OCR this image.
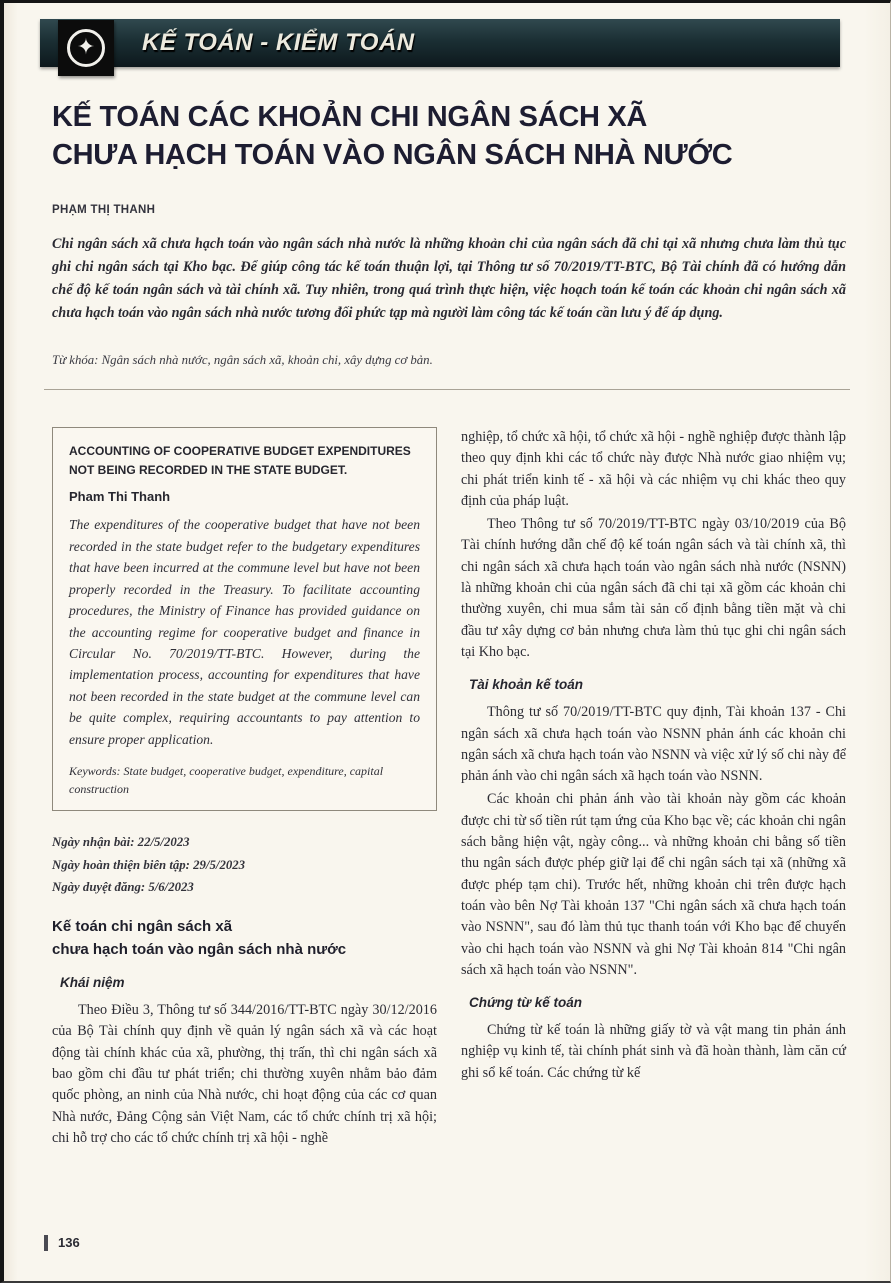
✦ KẾ TOÁN - KIỂM TOÁN
KẾ TOÁN CÁC KHOẢN CHI NGÂN SÁCH XÃ
CHƯA HẠCH TOÁN VÀO NGÂN SÁCH NHÀ NƯỚC
PHẠM THỊ THANH

Chi ngân sách xã chưa hạch toán vào ngân sách nhà nước là những khoản chi của ngân sách đã chi tại xã nhưng chưa làm thủ tục ghi chi ngân sách tại Kho bạc. Để giúp công tác kế toán thuận lợi, tại Thông tư số 70/2019/TT-BTC, Bộ Tài chính đã có hướng dẫn chế độ kế toán ngân sách và tài chính xã. Tuy nhiên, trong quá trình thực hiện, việc hoạch toán kế toán các khoản chi ngân sách xã chưa hạch toán vào ngân sách nhà nước tương đối phức tạp mà người làm công tác kế toán cần lưu ý để áp dụng.

Từ khóa: Ngân sách nhà nước, ngân sách xã, khoản chi, xây dựng cơ bản.

ACCOUNTING OF COOPERATIVE BUDGET EXPENDITURES NOT BEING RECORDED IN THE STATE BUDGET.
Pham Thi Thanh

The expenditures of the cooperative budget that have not been recorded in the state budget refer to the budgetary expenditures that have been incurred at the commune level but have not been properly recorded in the Treasury. To facilitate accounting procedures, the Ministry of Finance has provided guidance on the accounting regime for cooperative budget and finance in Circular No. 70/2019/TT-BTC. However, during the implementation process, accounting for expenditures that have not been recorded in the state budget at the commune level can be quite complex, requiring accountants to pay attention to ensure proper application.

Keywords: State budget, cooperative budget, expenditure, capital construction
Ngày nhận bài: 22/5/2023
Ngày hoàn thiện biên tập: 29/5/2023
Ngày duyệt đăng: 5/6/2023
Kế toán chi ngân sách xã
chưa hạch toán vào ngân sách nhà nước
Khái niệm

Theo Điều 3, Thông tư số 344/2016/TT-BTC ngày 30/12/2016 của Bộ Tài chính quy định về quản lý ngân sách xã và các hoạt động tài chính khác của xã, phường, thị trấn, thì chi ngân sách xã bao gồm chi đầu tư phát triển; chi thường xuyên nhằm bảo đảm quốc phòng, an ninh của Nhà nước, chi hoạt động của các cơ quan Nhà nước, Đảng Cộng sản Việt Nam, các tổ chức chính trị xã hội; chi hỗ trợ cho các tổ chức chính trị xã hội - nghề

nghiệp, tổ chức xã hội, tổ chức xã hội - nghề nghiệp được thành lập theo quy định khi các tổ chức này được Nhà nước giao nhiệm vụ; chi phát triển kinh tế - xã hội và các nhiệm vụ chi khác theo quy định của pháp luật.

Theo Thông tư số 70/2019/TT-BTC ngày 03/10/2019 của Bộ Tài chính hướng dẫn chế độ kế toán ngân sách và tài chính xã, thì chi ngân sách xã chưa hạch toán vào ngân sách nhà nước (NSNN) là những khoản chi của ngân sách đã chi tại xã gồm các khoản chi thường xuyên, chi mua sắm tài sản cố định bằng tiền mặt và chi đầu tư xây dựng cơ bản nhưng chưa làm thủ tục ghi chi ngân sách tại Kho bạc.

Tài khoản kế toán

Thông tư số 70/2019/TT-BTC quy định, Tài khoản 137 - Chi ngân sách xã chưa hạch toán vào NSNN phản ánh các khoản chi ngân sách xã chưa hạch toán vào NSNN và việc xử lý số chi này để phản ánh vào chi ngân sách xã hạch toán vào NSNN.

Các khoản chi phản ánh vào tài khoản này gồm các khoản được chi từ số tiền rút tạm ứng của Kho bạc về; các khoản chi ngân sách bằng hiện vật, ngày công... và những khoản chi bằng số tiền thu ngân sách được phép giữ lại để chi ngân sách tại xã (những xã được phép tạm chi). Trước hết, những khoản chi trên được hạch toán vào bên Nợ Tài khoản 137 "Chi ngân sách xã chưa hạch toán vào NSNN", sau đó làm thủ tục thanh toán với Kho bạc để chuyển vào chi hạch toán vào NSNN và ghi Nợ Tài khoản 814 "Chi ngân sách xã hạch toán vào NSNN".

Chứng từ kế toán

Chứng từ kế toán là những giấy tờ và vật mang tin phản ánh nghiệp vụ kinh tế, tài chính phát sinh và đã hoàn thành, làm căn cứ ghi sổ kế toán. Các chứng từ kế

136
